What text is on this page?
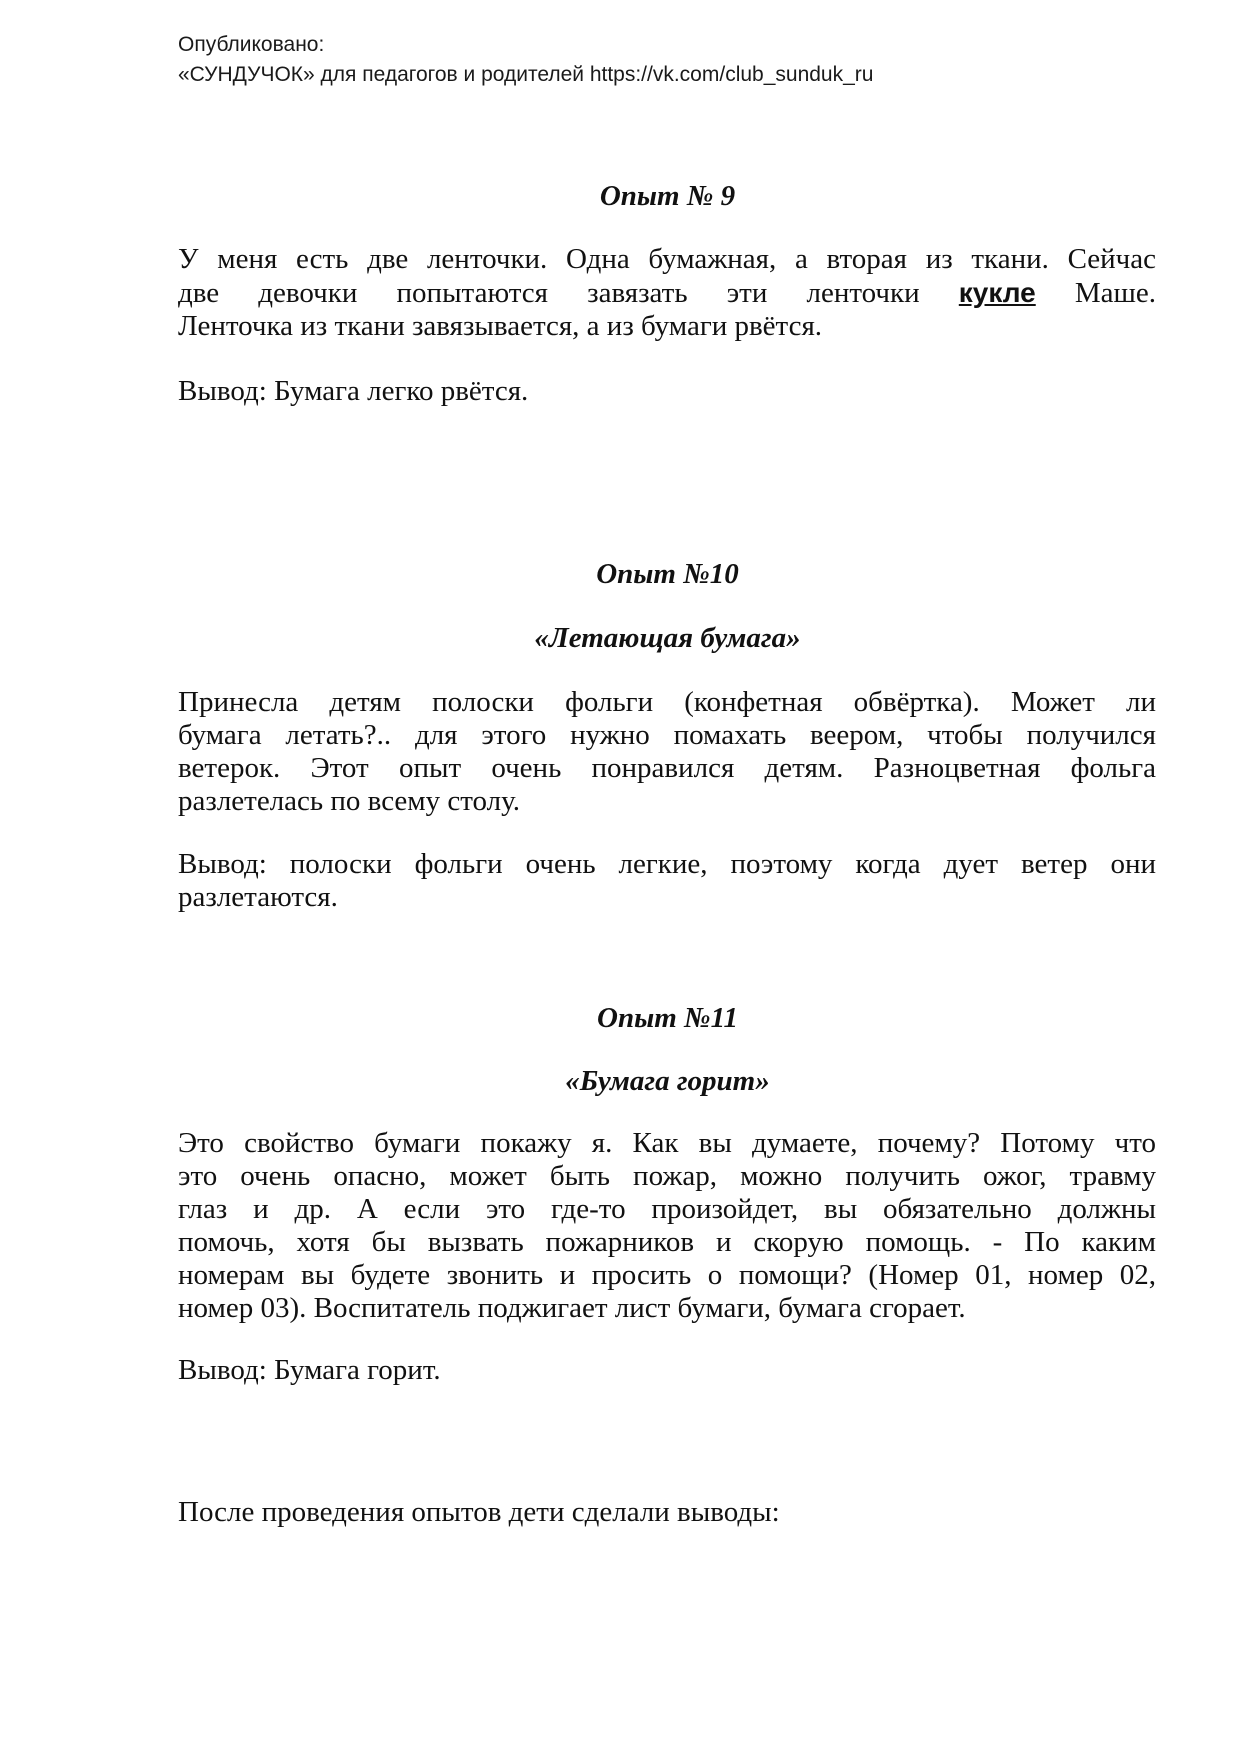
Опубликовано:
«СУНДУЧОК» для педагогов и родителей https://vk.com/club_sunduk_ru
Опыт № 9
У меня есть две ленточки. Одна бумажная, а вторая из ткани. Сейчас
две девочки попытаются завязать эти ленточки кукле Маше.
Ленточка из ткани завязывается, а из бумаги рвётся.
Вывод: Бумага легко рвётся.
Опыт №10
«Летающая бумага»
Принесла детям полоски фольги (конфетная обвёртка). Может ли
бумага летать?.. для этого нужно помахать веером, чтобы получился
ветерок. Этот опыт очень понравился детям. Разноцветная фольга
разлетелась по всему столу.
Вывод: полоски фольги очень легкие, поэтому когда дует ветер они
разлетаются.
Опыт №11
«Бумага горит»
Это свойство бумаги покажу я. Как вы думаете, почему? Потому что
это очень опасно, может быть пожар, можно получить ожог, травму
глаз и др. А если это где-то произойдет, вы обязательно должны
помочь, хотя бы вызвать пожарников и скорую помощь. - По каким
номерам вы будете звонить и просить о помощи? (Номер 01, номер 02,
номер 03). Воспитатель поджигает лист бумаги, бумага сгорает.
Вывод: Бумага горит.
После проведения опытов дети сделали выводы:
